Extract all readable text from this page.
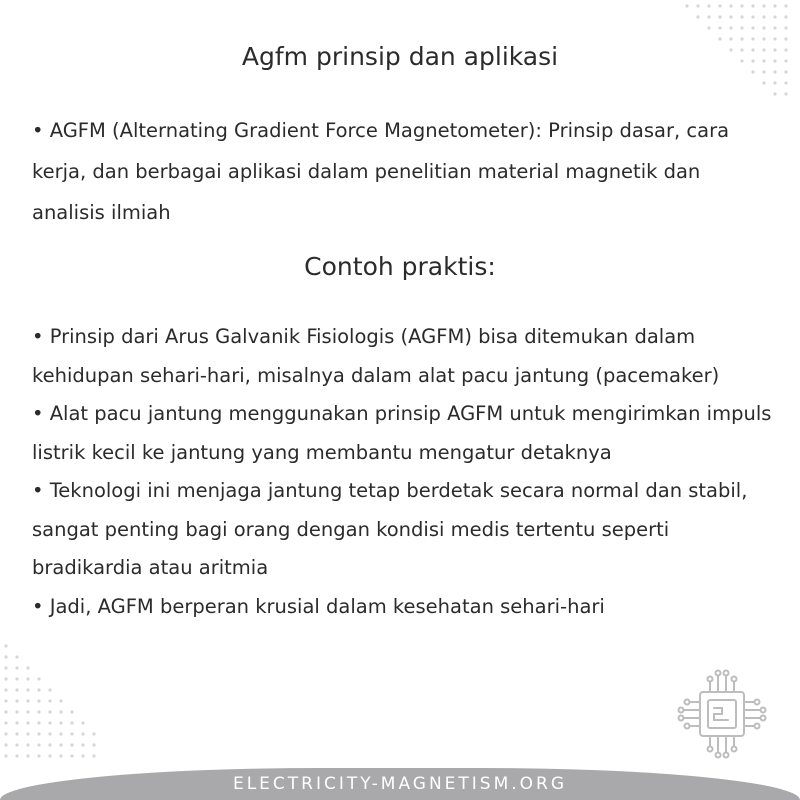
Agfm prinsip dan aplikasi

• AGFM (Alternating Gradient Force Magnetometer): Prinsip dasar, cara kerja, dan berbagai aplikasi dalam penelitian material magnetik dan analisis ilmiah

Contoh praktis:
• Prinsip dari Arus Galvanik Fisiologis (AGFM) bisa ditemukan dalam kehidupan sehari-hari, misalnya dalam alat pacu jantung (pacemaker)
• Alat pacu jantung menggunakan prinsip AGFM untuk mengirimkan impuls listrik kecil ke jantung yang membantu mengatur detaknya
• Teknologi ini menjaga jantung tetap berdetak secara normal dan stabil, sangat penting bagi orang dengan kondisi medis tertentu seperti bradikardia atau aritmia
• Jadi, AGFM berperan krusial dalam kesehatan sehari-hari
ELECTRICITY-MAGNETISM.ORG
